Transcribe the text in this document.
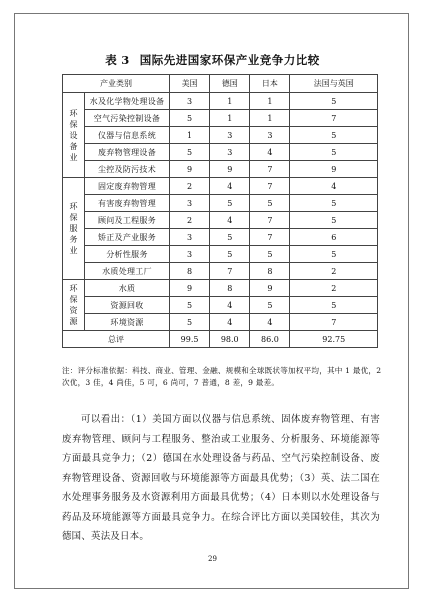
表 3 国际先进国家环保产业竞争力比较
产业类别		美国	德国	日本	法国与英国
环
保
设
备
业	水及化学物处理设备	3	1	1	5
	空气污染控制设备	5	1	1	7
	仪器与信息系统	1	3	3	5
	废弃物管理设备	5	3	4	5
	尘控及防污技术	9	9	7	9
环
保
服
务
业	固定废弃物管理	2	4	7	4
	有害废弃物管理	3	5	5	5
	顾问及工程服务	2	4	7	5
	矫正及产业服务	3	5	7	6
	分析性服务	3	5	5	5
	水质处理工厂	8	7	8	2
环
保
资
源	水质	9	8	9	2
	资源回收	5	4	5	5
	环境资源	5	4	4	7
总评		99.5	98.0	86.0	92.75
注：评分标准依据：科技、商业、管理、金融、规模和全球既状等加权平均，其中 1 最优，2 次优，3 佳，4 尚佳，5 可，6 尚可，7 普通，8 差，9 最差。
可以看出：（1）美国方面以仪器与信息系统、固体废弃物管理、有害废弃物管理、顾问与工程服务、整治或工业服务、分析服务、环境能源等方面最具竞争力；（2）德国在水处理设备与药品、空气污染控制设备、废弃物管理设备、资源回收与环境能源等方面最具优势；（3）英、法二国在水处理事务服务及水资源利用方面最具优势；（4）日本则以水处理设备与药品及环境能源等方面最具竞争力。在综合评比方面以美国较佳，其次为德国、英法及日本。
29
